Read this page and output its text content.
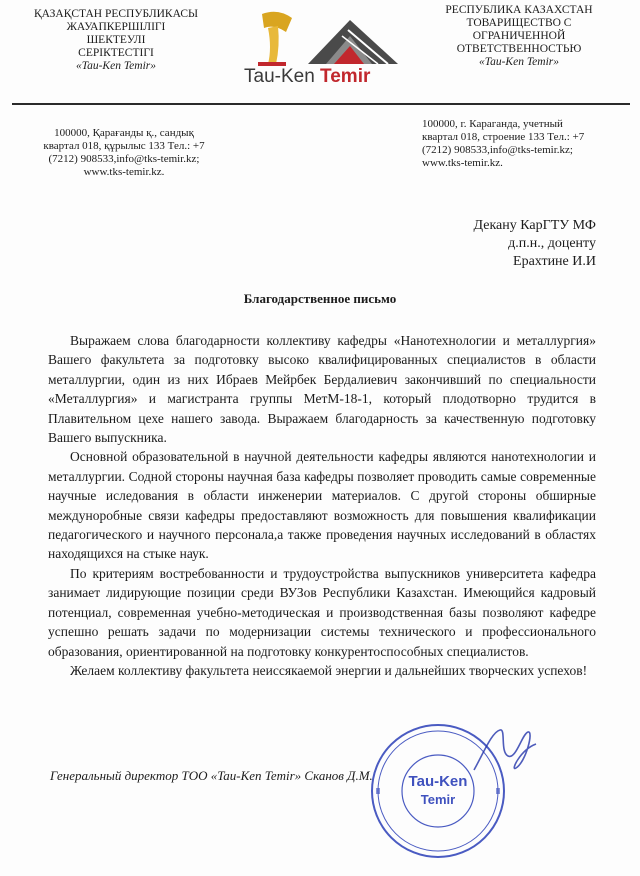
ҚАЗАҚСТАН РЕСПУБЛИКАСЫ
ЖАУАПКЕРШІЛІГІ
ШЕКТЕУЛІ
СЕРІКТЕСТІГІ
«Tau-Ken Temir»	Tau-Ken Temir
РЕСПУБЛИКА КАЗАХСТАН
ТОВАРИЩЕСТВО С
ОГРАНИЧЕННОЙ
ОТВЕТСТВЕННОСТЬЮ
«Tau-Ken Temir»
100000, Қарағанды қ., сандық
квартал 018, құрылыс 133 Тел.: +7
(7212) 908533,info@tks-temir.kz;
www.tks-temir.kz.
100000, г. Караганда, учетный
квартал 018, строение 133 Тел.: +7
(7212) 908533,info@tks-temir.kz;
www.tks-temir.kz.
Декану КарГТУ МФ
д.п.н., доценту
Ерахтине И.И
Благодарственное письмо

Выражаем слова благодарности коллективу кафедры «Нанотехнологии и металлургия» Вашего факультета за подготовку высоко квалифицированных специалистов в области металлургии, один из них Ибраев Мейрбек Бердалиевич закончивший по специальности «Металлургия» и магистранта группы МетМ-18-1, который плодотворно трудится в Плавительном цехе нашего завода. Выражаем благодарность за качественную подготовку Вашего выпускника.

Основной образовательной в научной деятельности кафедры являются нанотехнологии и металлургии. Содной стороны научная база кафедры позволяет проводить самые современные научные иследования в области инженерии материалов. С другой стороны обширные междуноробные связи кафедры предоставляют возможность для повышения квалификации педагогического и научного персонала,а также проведения научных исследований в областях находящихся на стыке наук.

По критериям востребованности и трудоустройства выпускников университета кафедра занимает лидирующие позиции среди ВУЗов Республики Казахстан. Имеющийся кадровый потенциал, современная учебно-методическая и производственная базы позволяют кафедре успешно решать задачи по модернизации системы технического и профессионального образования, ориентированной на подготовку конкурентоспособных специалистов.

Желаем коллективу факультета неиссякаемой энергии и дальнейших творческих успехов!

Генеральный директор ТОО «Tau-Ken Temir» Сканов Д.М.	Tau-Ken
Temir
